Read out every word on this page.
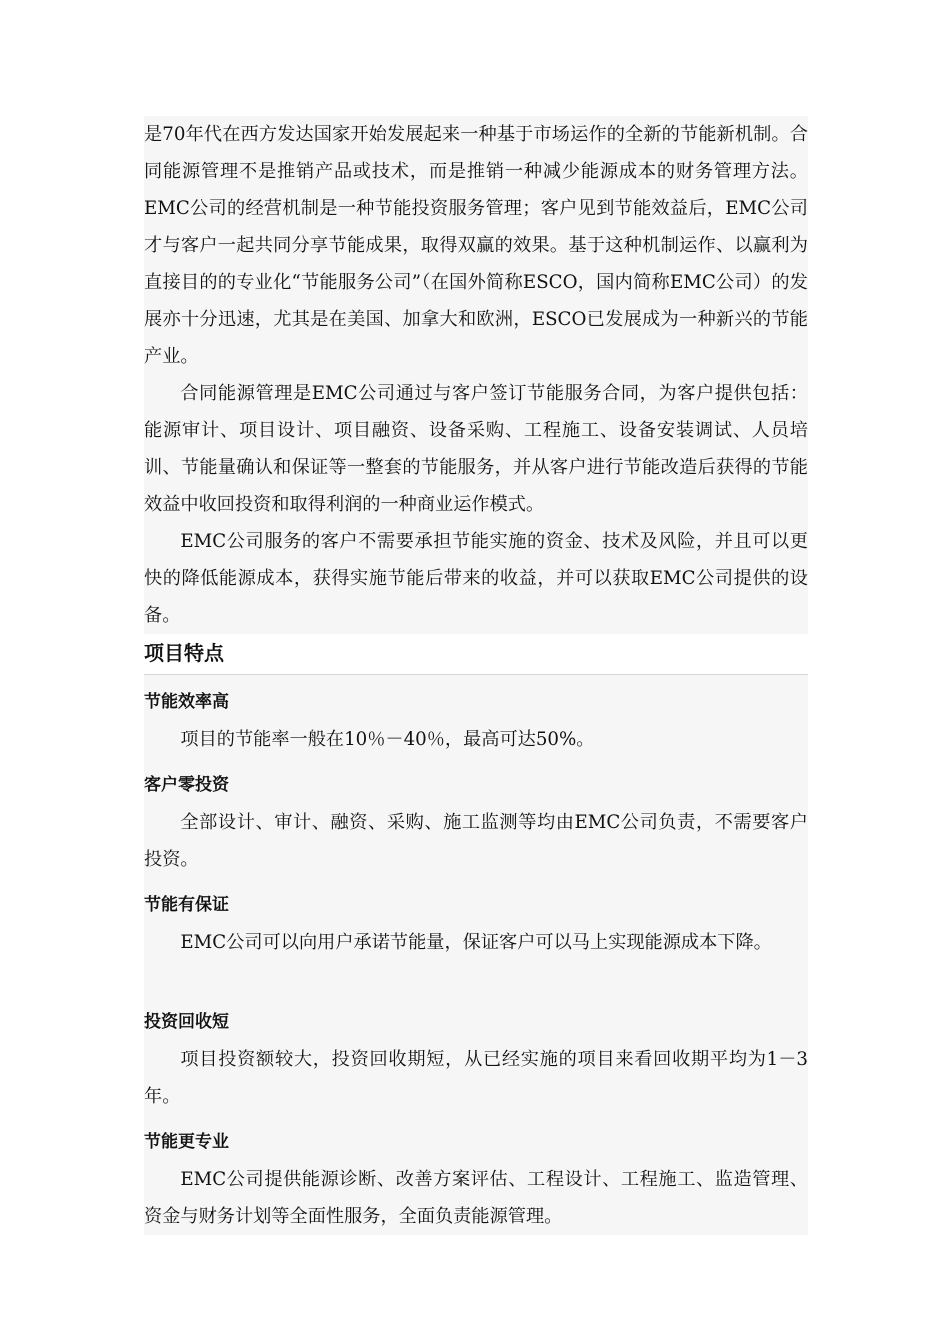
是70年代在西方发达国家开始发展起来一种基于市场运作的全新的节能新机制。合同能源管理不是推销产品或技术，而是推销一种减少能源成本的财务管理方法。EMC公司的经营机制是一种节能投资服务管理；客户见到节能效益后，EMC公司才与客户一起共同分享节能成果，取得双赢的效果。基于这种机制运作、以赢利为直接目的的专业化“节能服务公司”（在国外简称ESCO，国内简称EMC公司）的发展亦十分迅速，尤其是在美国、加拿大和欧洲，ESCO已发展成为一种新兴的节能产业。

合同能源管理是EMC公司通过与客户签订节能服务合同，为客户提供包括：能源审计、项目设计、项目融资、设备采购、工程施工、设备安装调试、人员培训、节能量确认和保证等一整套的节能服务，并从客户进行节能改造后获得的节能效益中收回投资和取得利润的一种商业运作模式。

EMC公司服务的客户不需要承担节能实施的资金、技术及风险，并且可以更快的降低能源成本，获得实施节能后带来的收益，并可以获取EMC公司提供的设备。

项目特点
节能效率高

项目的节能率一般在10％－40％，最高可达50%。

客户零投资

全部设计、审计、融资、采购、施工监测等均由EMC公司负责，不需要客户投资。

节能有保证

EMC公司可以向用户承诺节能量，保证客户可以马上实现能源成本下降。

投资回收短

项目投资额较大，投资回收期短，从已经实施的项目来看回收期平均为1－3年。

节能更专业

EMC公司提供能源诊断、改善方案评估、工程设计、工程施工、监造管理、资金与财务计划等全面性服务，全面负责能源管理。
